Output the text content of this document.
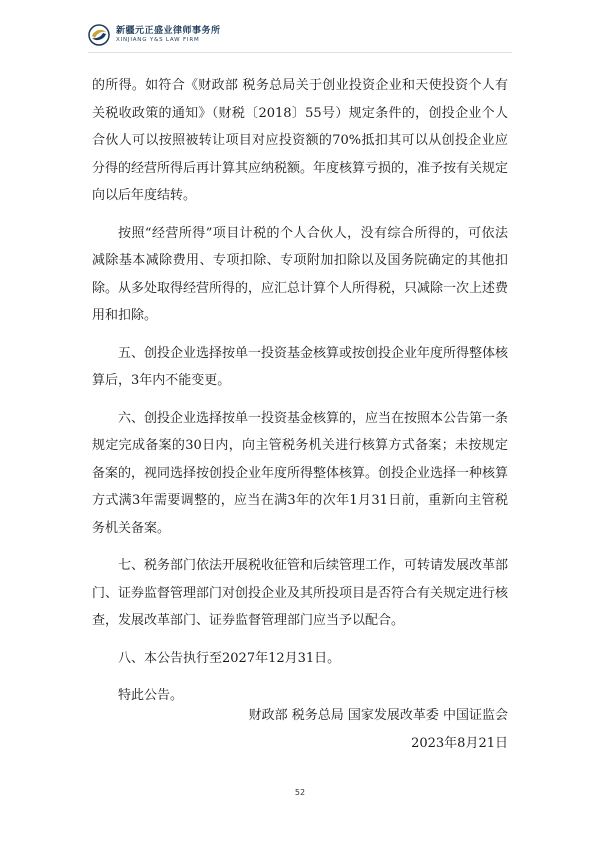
新疆元正盛业律师事务所
XINJIANG Y&S LAW FIRM

的所得。如符合《财政部 税务总局关于创业投资企业和天使投资个人有关税收政策的通知》（财税〔2018〕55号）规定条件的，创投企业个人合伙人可以按照被转让项目对应投资额的70%抵扣其可以从创投企业应分得的经营所得后再计算其应纳税额。年度核算亏损的，准予按有关规定向以后年度结转。

按照“经营所得”项目计税的个人合伙人，没有综合所得的，可依法减除基本减除费用、专项扣除、专项附加扣除以及国务院确定的其他扣除。从多处取得经营所得的，应汇总计算个人所得税，只减除一次上述费用和扣除。

五、创投企业选择按单一投资基金核算或按创投企业年度所得整体核算后，3年内不能变更。

六、创投企业选择按单一投资基金核算的，应当在按照本公告第一条规定完成备案的30日内，向主管税务机关进行核算方式备案；未按规定备案的，视同选择按创投企业年度所得整体核算。创投企业选择一种核算方式满3年需要调整的，应当在满3年的次年1月31日前，重新向主管税务机关备案。

七、税务部门依法开展税收征管和后续管理工作，可转请发展改革部门、证券监督管理部门对创投企业及其所投项目是否符合有关规定进行核查，发展改革部门、证券监督管理部门应当予以配合。

八、本公告执行至2027年12月31日。

特此公告。

财政部 税务总局 国家发展改革委 中国证监会
2023年8月21日
52
